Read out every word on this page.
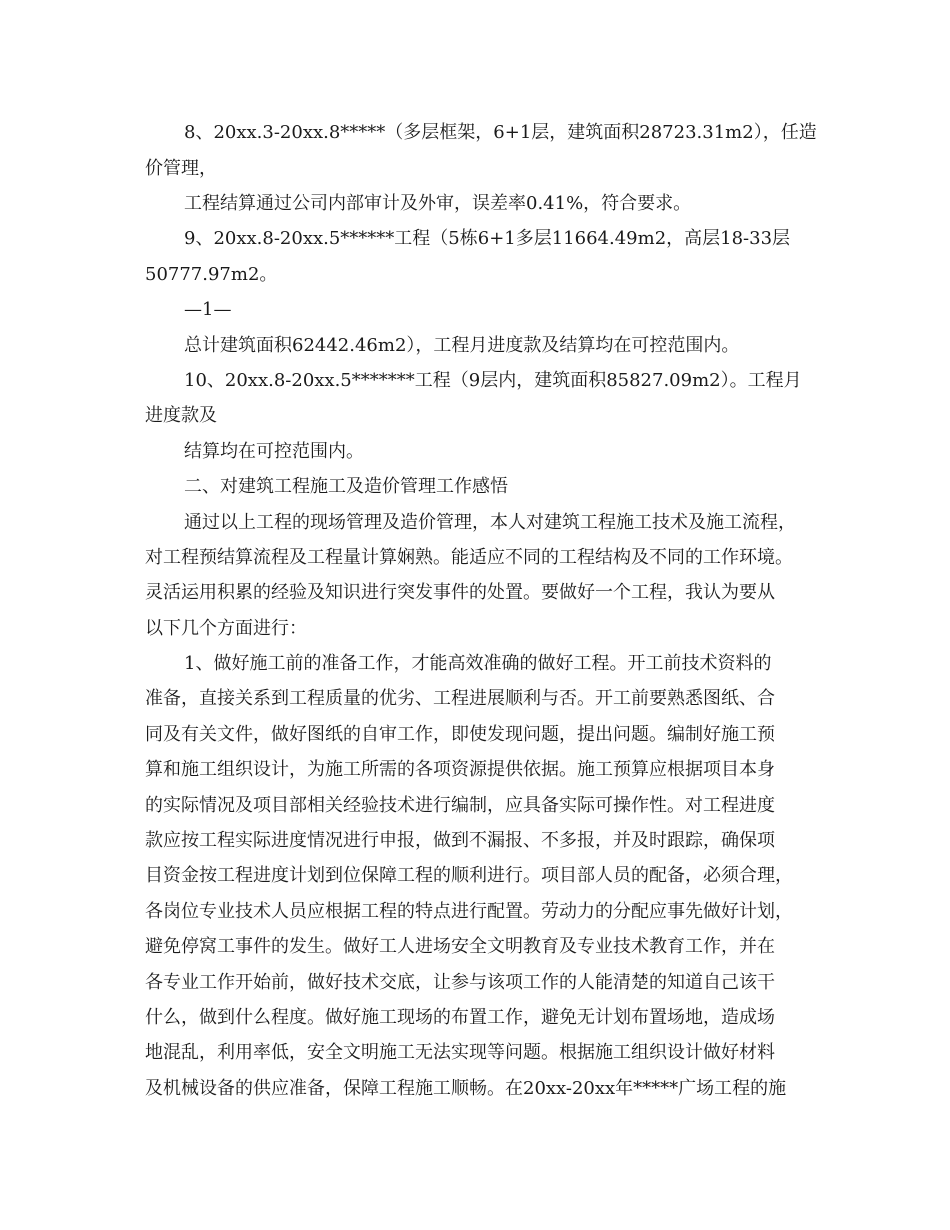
8、20xx.3-20xx.8*****（多层框架，6+1层，建筑面积28723.31m2），任造
价管理，
工程结算通过公司内部审计及外审，误差率0.41%，符合要求。
9、20xx.8-20xx.5******工程（5栋6+1多层11664.49m2，高层18-33层
50777.97m2。
—1—
总计建筑面积62442.46m2），工程月进度款及结算均在可控范围内。
10、20xx.8-20xx.5*******工程（9层内，建筑面积85827.09m2）。工程月
进度款及
结算均在可控范围内。
二、对建筑工程施工及造价管理工作感悟
通过以上工程的现场管理及造价管理，本人对建筑工程施工技术及施工流程，
对工程预结算流程及工程量计算娴熟。能适应不同的工程结构及不同的工作环境。
灵活运用积累的经验及知识进行突发事件的处置。要做好一个工程，我认为要从
以下几个方面进行：
1、做好施工前的准备工作，才能高效准确的做好工程。开工前技术资料的
准备，直接关系到工程质量的优劣、工程进展顺利与否。开工前要熟悉图纸、合
同及有关文件，做好图纸的自审工作，即使发现问题，提出问题。编制好施工预
算和施工组织设计，为施工所需的各项资源提供依据。施工预算应根据项目本身
的实际情况及项目部相关经验技术进行编制，应具备实际可操作性。对工程进度
款应按工程实际进度情况进行申报，做到不漏报、不多报，并及时跟踪，确保项
目资金按工程进度计划到位保障工程的顺利进行。项目部人员的配备，必须合理，
各岗位专业技术人员应根据工程的特点进行配置。劳动力的分配应事先做好计划，
避免停窝工事件的发生。做好工人进场安全文明教育及专业技术教育工作，并在
各专业工作开始前，做好技术交底，让参与该项工作的人能清楚的知道自己该干
什么，做到什么程度。做好施工现场的布置工作，避免无计划布置场地，造成场
地混乱，利用率低，安全文明施工无法实现等问题。根据施工组织设计做好材料
及机械设备的供应准备，保障工程施工顺畅。在20xx-20xx年*****广场工程的施
